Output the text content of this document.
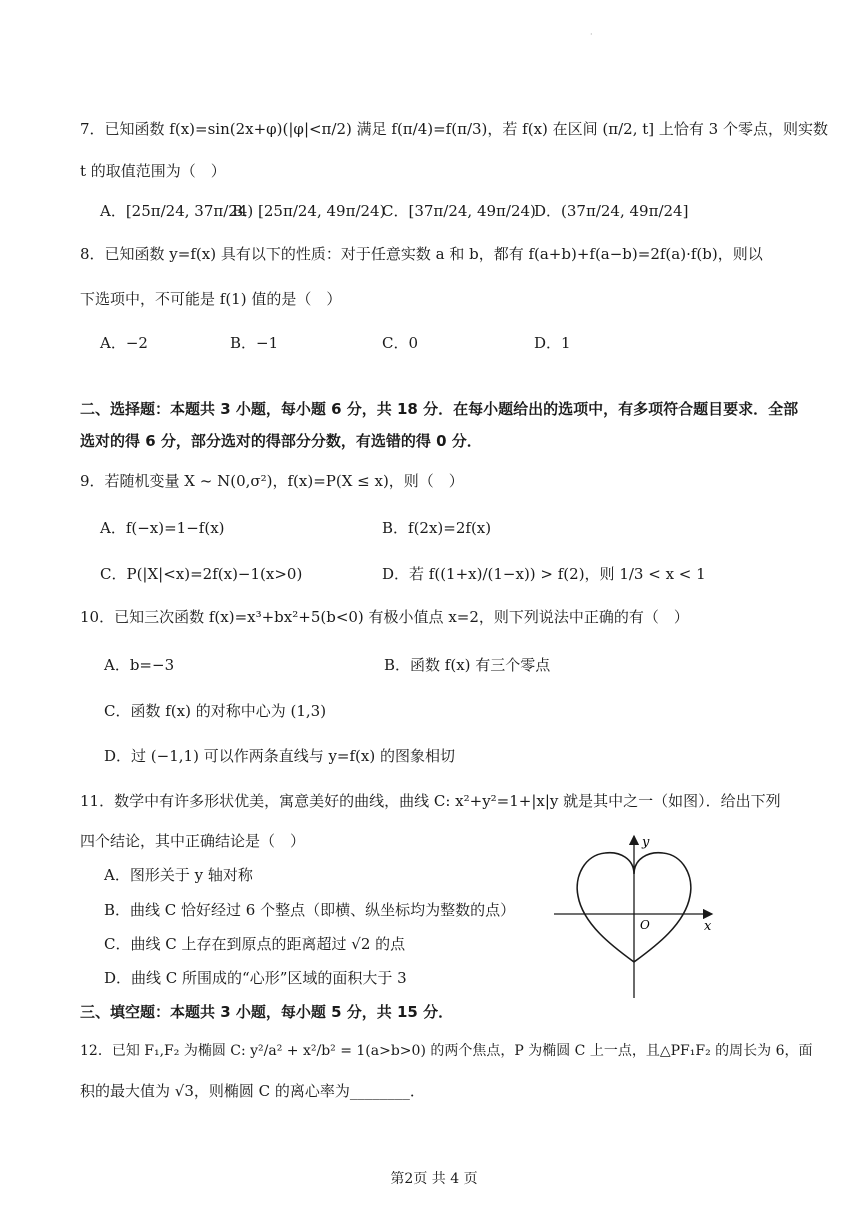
·
7．已知函数 f(x)=sin(2x+φ)(|φ|<π/2) 满足 f(π/4)=f(π/3)，若 f(x) 在区间 (π/2, t] 上恰有 3 个零点，则实数
t 的取值范围为（　）
A．[25π/24, 37π/24)
B．[25π/24, 49π/24)
C．[37π/24, 49π/24)
D．(37π/24, 49π/24]
8．已知函数 y=f(x) 具有以下的性质：对于任意实数 a 和 b，都有 f(a+b)+f(a−b)=2f(a)·f(b)，则以
下选项中，不可能是 f(1) 值的是（　）
A．−2	B．−1	C．0	D．1
二、选择题：本题共 3 小题，每小题 6 分，共 18 分．在每小题给出的选项中，有多项符合题目要求．全部
选对的得 6 分，部分选对的得部分分数，有选错的得 0 分．
9．若随机变量 X ~ N(0,σ²)，f(x)=P(X ≤ x)，则（　）
A．f(−x)=1−f(x)	B．f(2x)=2f(x)
C．P(|X|<x)=2f(x)−1(x>0)	D．若 f((1+x)/(1−x)) > f(2)，则 1/3 < x < 1
10．已知三次函数 f(x)=x³+bx²+5(b<0) 有极小值点 x=2，则下列说法中正确的有（　）
A．b=−3	B．函数 f(x) 有三个零点
C．函数 f(x) 的对称中心为 (1,3)
D．过 (−1,1) 可以作两条直线与 y=f(x) 的图象相切
11．数学中有许多形状优美，寓意美好的曲线，曲线 C: x²+y²=1+|x|y 就是其中之一（如图）．给出下列
四个结论，其中正确结论是（　）
A．图形关于 y 轴对称
B．曲线 C 恰好经过 6 个整点（即横、纵坐标均为整数的点）
C．曲线 C 上存在到原点的距离超过 √2 的点
D．曲线 C 所围成的“心形”区域的面积大于 3
y
x
O
三、填空题：本题共 3 小题，每小题 5 分，共 15 分．
12．已知 F₁,F₂ 为椭圆 C: y²/a² + x²/b² = 1(a>b>0) 的两个焦点，P 为椭圆 C 上一点，且△PF₁F₂ 的周长为 6，面
积的最大值为 √3，则椭圆 C 的离心率为________．
第2页 共 4 页
